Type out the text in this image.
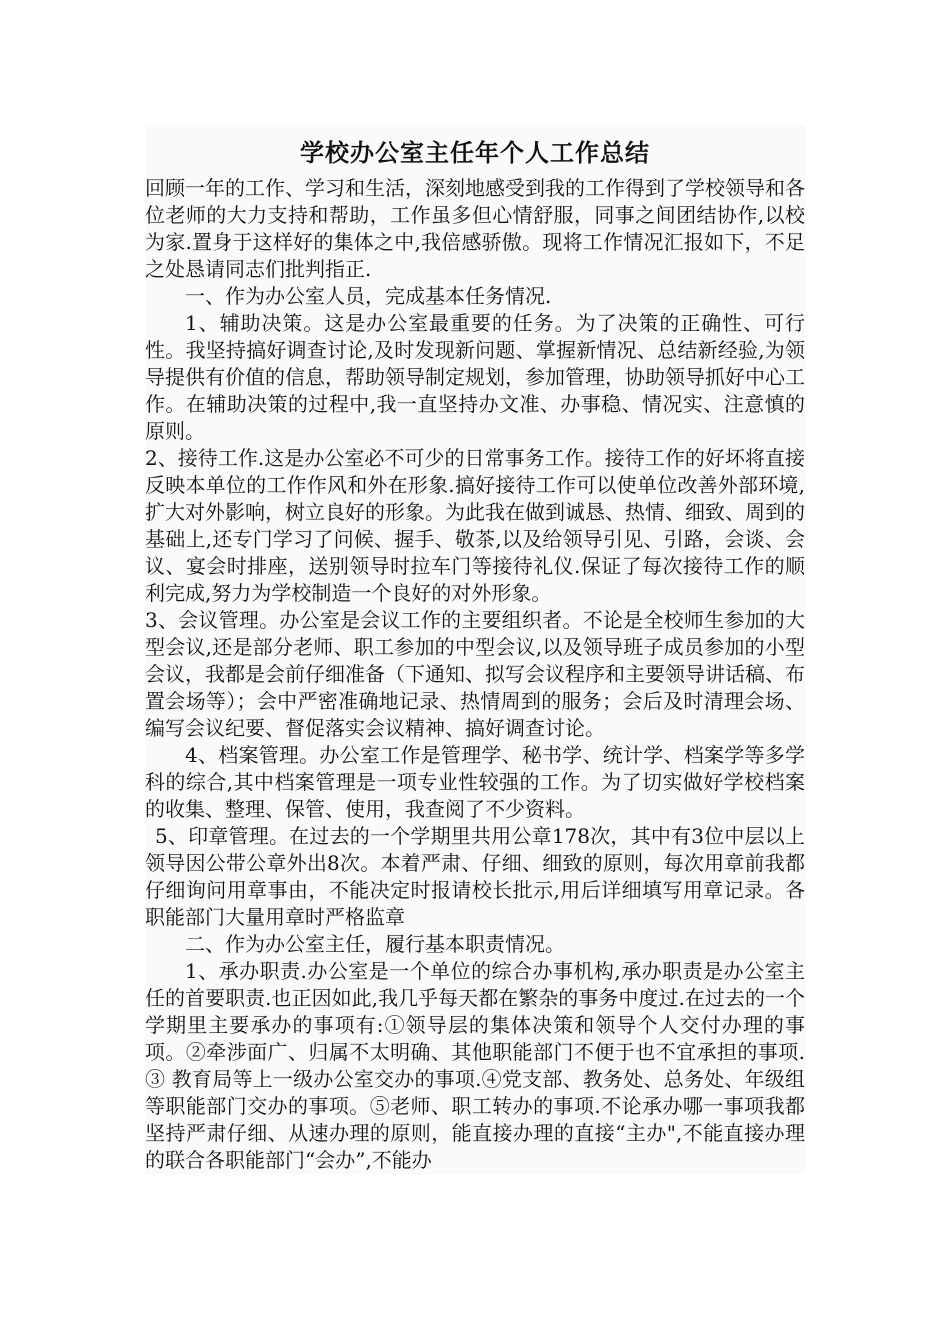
学校办公室主任年个人工作总结

回顾一年的工作、学习和生活，深刻地感受到我的工作得到了学校领导和各位老师的大力支持和帮助，工作虽多但心情舒服，同事之间团结协作,以校为家.置身于这样好的集体之中,我倍感骄傲。现将工作情况汇报如下，不足之处恳请同志们批判指正.

一、作为办公室人员，完成基本任务情况.

1、辅助决策。这是办公室最重要的任务。为了决策的正确性、可行性。我坚持搞好调查讨论,及时发现新问题、掌握新情况、总结新经验,为领导提供有价值的信息，帮助领导制定规划，参加管理，协助领导抓好中心工作。在辅助决策的过程中,我一直坚持办文准、办事稳、情况实、注意慎的原则。

2、接待工作.这是办公室必不可少的日常事务工作。接待工作的好坏将直接反映本单位的工作作风和外在形象.搞好接待工作可以使单位改善外部环境,扩大对外影响，树立良好的形象。为此我在做到诚恳、热情、细致、周到的基础上,还专门学习了问候、握手、敬茶,以及给领导引见、引路，会谈、会议、宴会时排座，送别领导时拉车门等接待礼仪.保证了每次接待工作的顺利完成,努力为学校制造一个良好的对外形象。

3、会议管理。办公室是会议工作的主要组织者。不论是全校师生参加的大型会议,还是部分老师、职工参加的中型会议,以及领导班子成员参加的小型会议，我都是会前仔细准备（下通知、拟写会议程序和主要领导讲话稿、布置会场等）；会中严密准确地记录、热情周到的服务；会后及时清理会场、编写会议纪要、督促落实会议精神、搞好调查讨论。

4、档案管理。办公室工作是管理学、秘书学、统计学、档案学等多学科的综合,其中档案管理是一项专业性较强的工作。为了切实做好学校档案的收集、整理、保管、使用，我查阅了不少资料。

5、印章管理。在过去的一个学期里共用公章178次，其中有3位中层以上领导因公带公章外出8次。本着严肃、仔细、细致的原则，每次用章前我都仔细询问用章事由，不能决定时报请校长批示,用后详细填写用章记录。各职能部门大量用章时严格监章

二、作为办公室主任，履行基本职责情况。

1、承办职责.办公室是一个单位的综合办事机构,承办职责是办公室主任的首要职责.也正因如此,我几乎每天都在繁杂的事务中度过.在过去的一个学期里主要承办的事项有:①领导层的集体决策和领导个人交付办理的事项。②牵涉面广、归属不太明确、其他职能部门不便于也不宜承担的事项.③ 教育局等上一级办公室交办的事项.④党支部、教务处、总务处、年级组等职能部门交办的事项。⑤老师、职工转办的事项.不论承办哪一事项我都坚持严肃仔细、从速办理的原则，能直接办理的直接“主办",不能直接办理的联合各职能部门“会办”,不能办
